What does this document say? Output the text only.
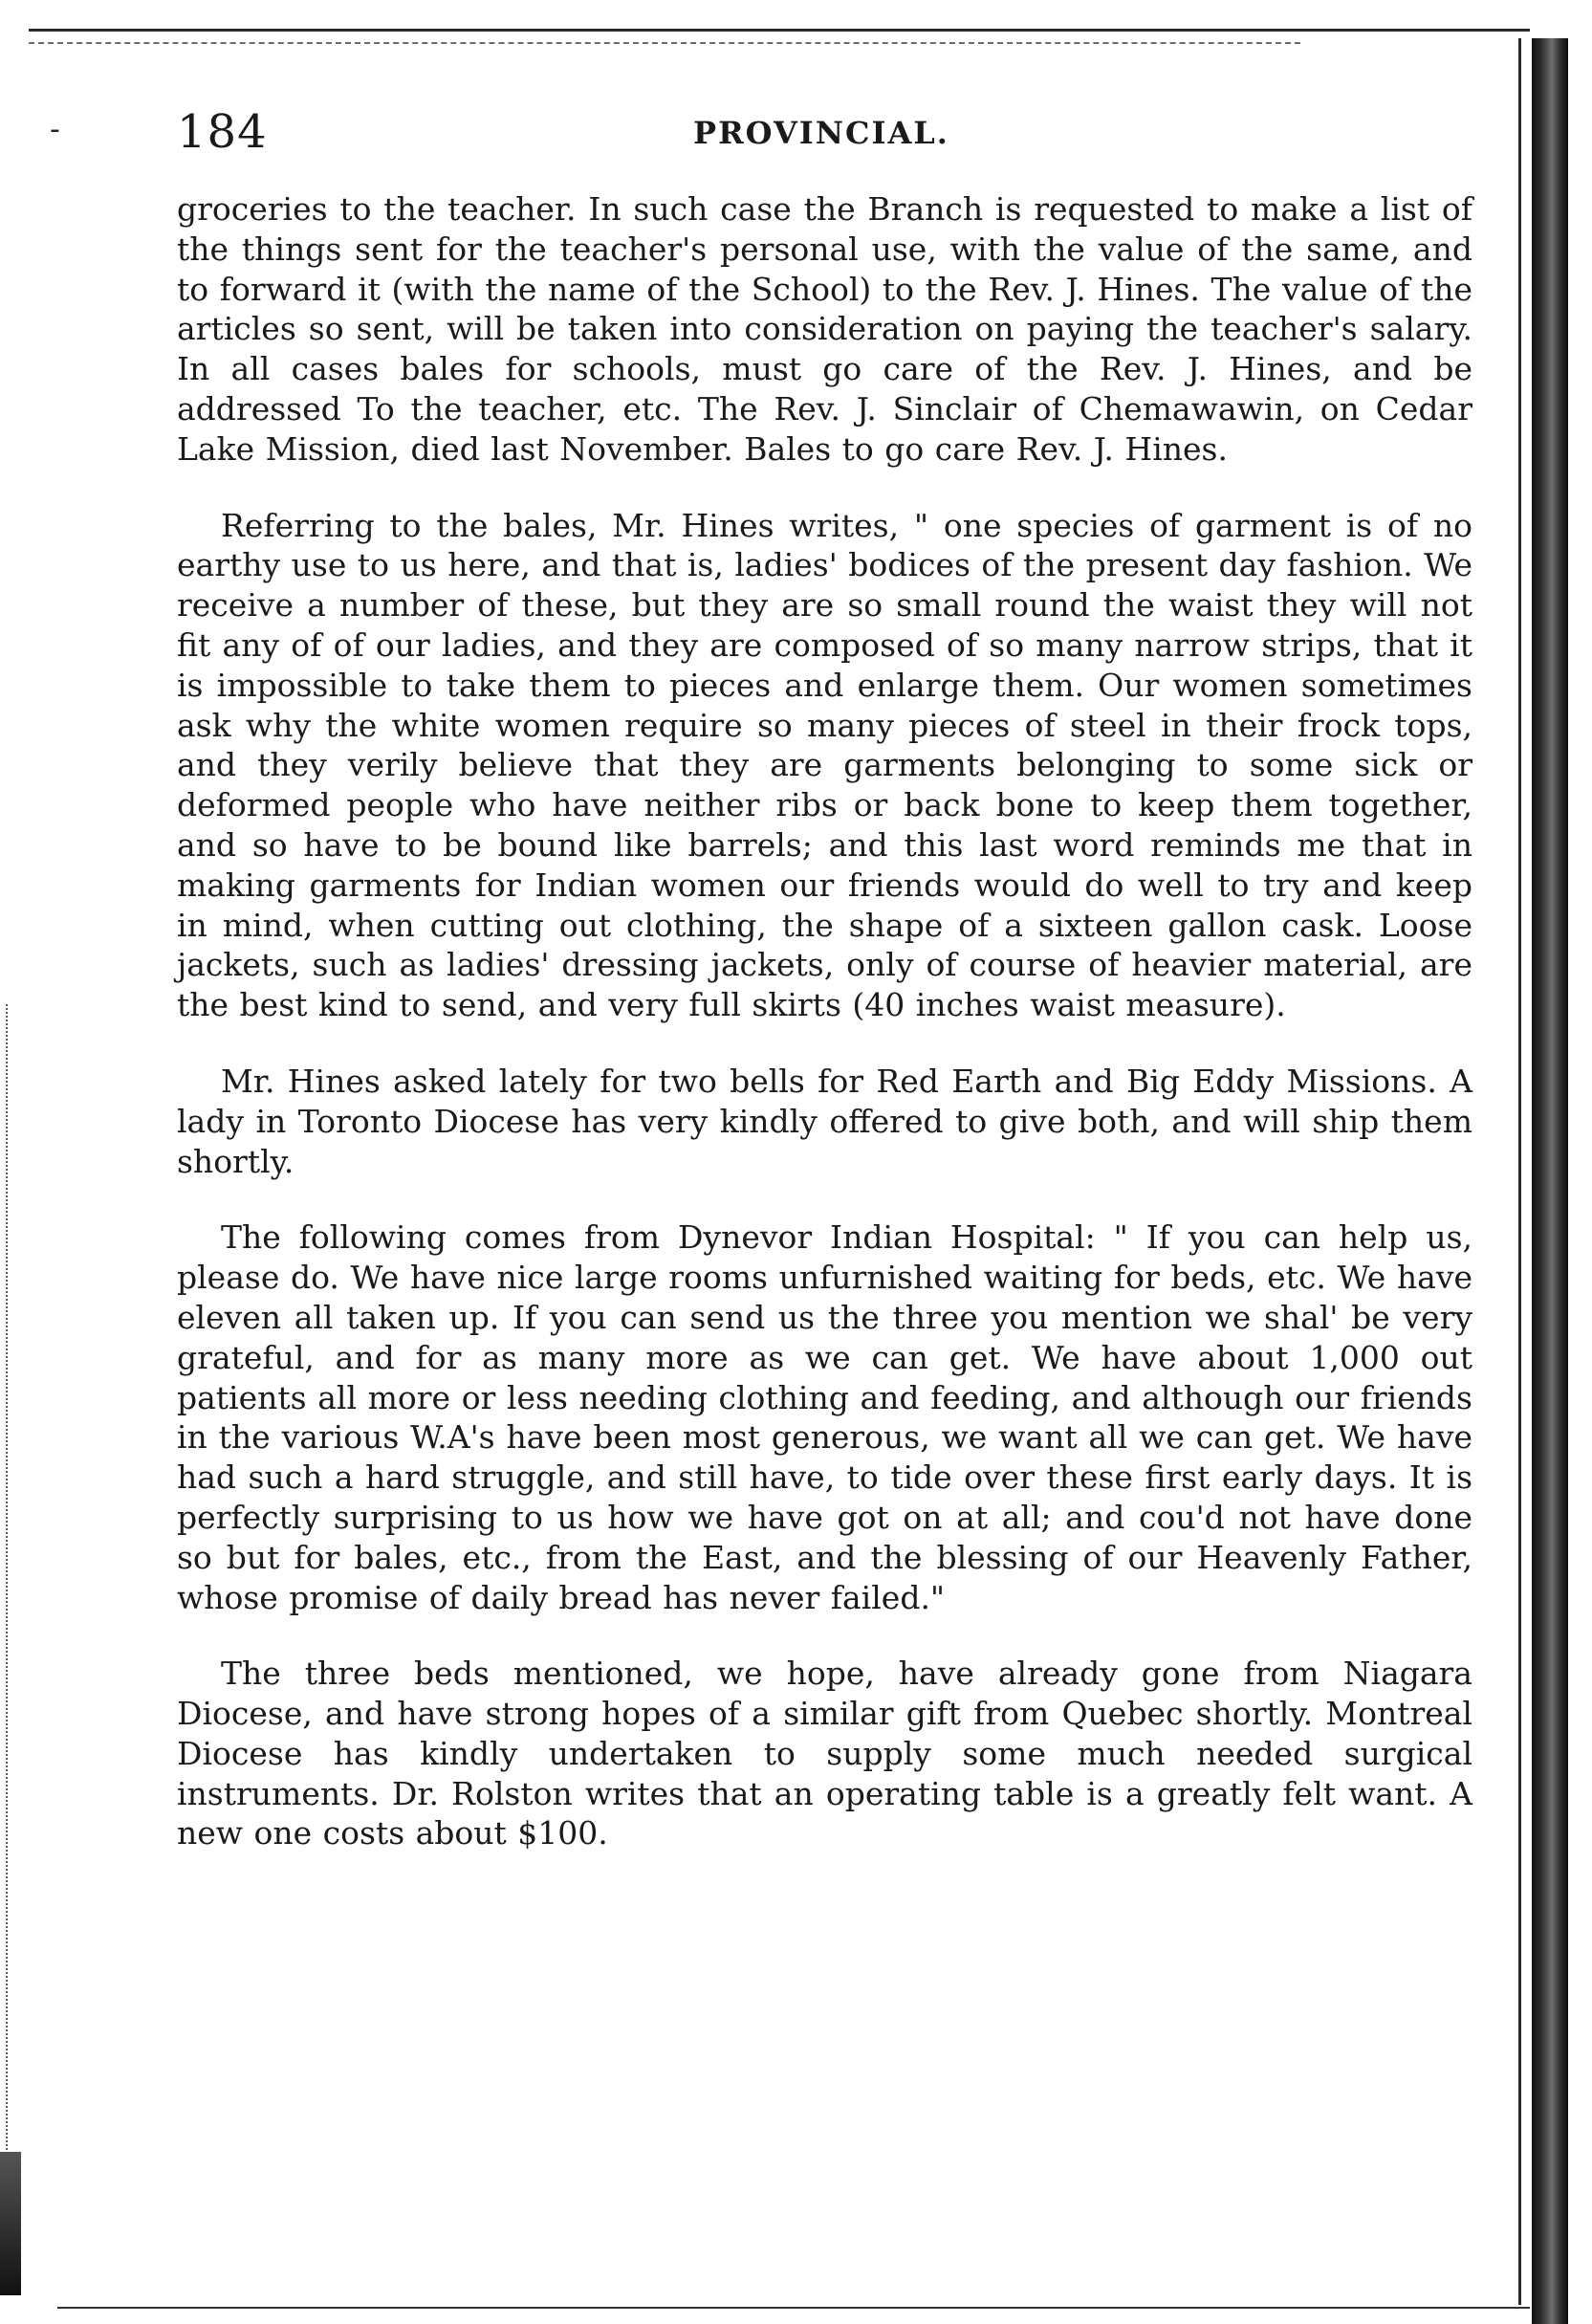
-	184	PROVINCIAL.

groceries to the teacher. In such case the Branch is requested to make a list of the things sent for the teacher's personal use, with the value of the same, and to forward it (with the name of the School) to the Rev. J. Hines. The value of the articles so sent, will be taken into consideration on paying the teacher's salary. In all cases bales for schools, must go care of the Rev. J. Hines, and be addressed To the teacher, etc. The Rev. J. Sinclair of Chemawawin, on Cedar Lake Mission, died last November. Bales to go care Rev. J. Hines.

Referring to the bales, Mr. Hines writes, " one species of garment is of no earthy use to us here, and that is, ladies' bodices of the present day fashion. We receive a number of these, but they are so small round the waist they will not fit any of of our ladies, and they are composed of so many narrow strips, that it is impossible to take them to pieces and enlarge them. Our women sometimes ask why the white women require so many pieces of steel in their frock tops, and they verily believe that they are garments belonging to some sick or deformed people who have neither ribs or back bone to keep them together, and so have to be bound like barrels; and this last word reminds me that in making garments for Indian women our friends would do well to try and keep in mind, when cutting out clothing, the shape of a sixteen gallon cask. Loose jackets, such as ladies' dressing jackets, only of course of heavier material, are the best kind to send, and very full skirts (40 inches waist measure).

Mr. Hines asked lately for two bells for Red Earth and Big Eddy Missions. A lady in Toronto Diocese has very kindly offered to give both, and will ship them shortly.

The following comes from Dynevor Indian Hospital: " If you can help us, please do. We have nice large rooms unfurnished waiting for beds, etc. We have eleven all taken up. If you can send us the three you mention we shal' be very grateful, and for as many more as we can get. We have about 1,000 out patients all more or less needing clothing and feeding, and although our friends in the various W.A's have been most generous, we want all we can get. We have had such a hard struggle, and still have, to tide over these first early days. It is perfectly surprising to us how we have got on at all; and cou'd not have done so but for bales, etc., from the East, and the blessing of our Heavenly Father, whose promise of daily bread has never failed."

The three beds mentioned, we hope, have already gone from Niagara Diocese, and have strong hopes of a similar gift from Quebec shortly. Montreal Diocese has kindly undertaken to supply some much needed surgical instruments. Dr. Rolston writes that an operating table is a greatly felt want. A new one costs about $100.
